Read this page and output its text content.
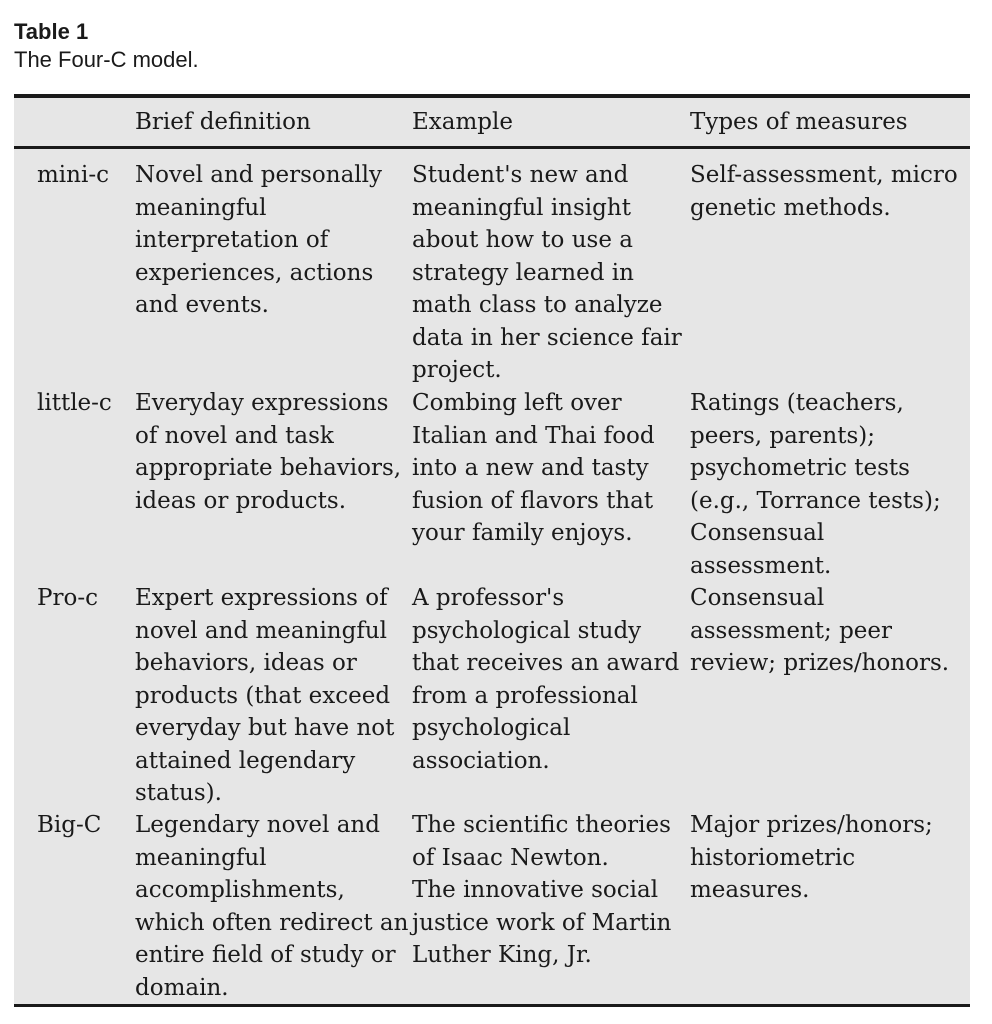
Table 1
The Four-C model.
Brief definition	Example	Types of measures
mini-c Novel and personally
meaningful
interpretation of
experiences, actions
and events.
Student's new and
meaningful insight
about how to use a
strategy learned in
math class to analyze
data in her science fair
project.
Self-assessment, micro
genetic methods.
little-c Everyday expressions
of novel and task
appropriate behaviors,
ideas or products.
Combing left over
Italian and Thai food
into a new and tasty
fusion of flavors that
your family enjoys.
Ratings (teachers,
peers, parents);
psychometric tests
(e.g., Torrance tests);
Consensual
assessment.
Pro-c Expert expressions of
novel and meaningful
behaviors, ideas or
products (that exceed
everyday but have not
attained legendary
status).
A professor's
psychological study
that receives an award
from a professional
psychological
association.
Consensual
assessment; peer
review; prizes/honors.
Big-C Legendary novel and
meaningful
accomplishments,
which often redirect an
entire field of study or
domain.
The scientific theories
of Isaac Newton.
The innovative social
justice work of Martin
Luther King, Jr.
Major prizes/honors;
historiometric
measures.
